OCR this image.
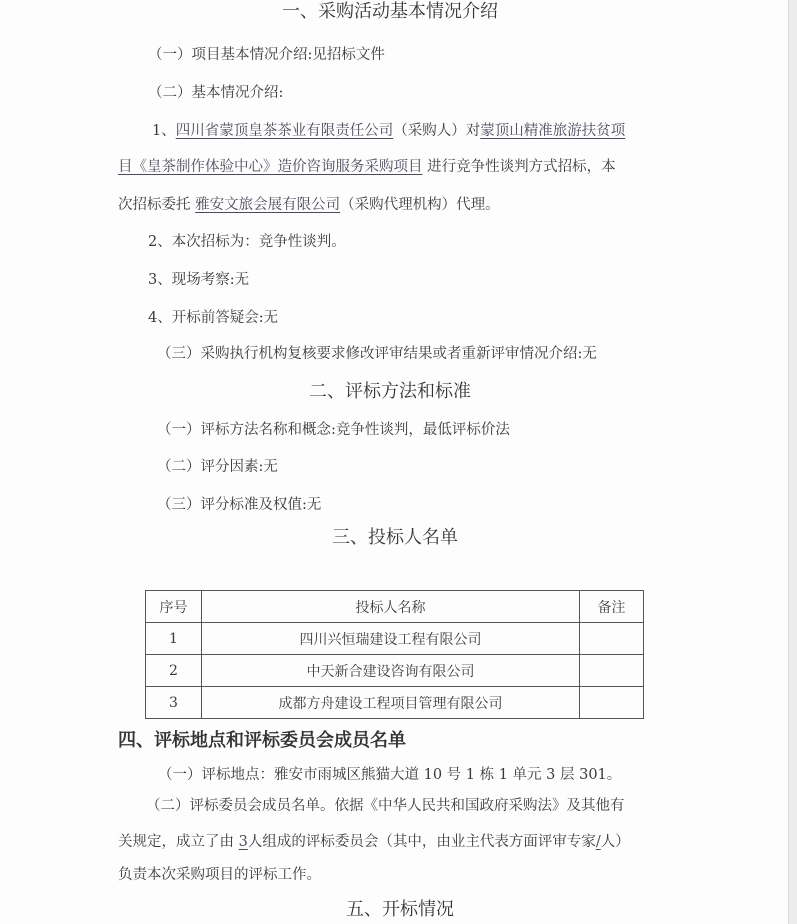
一、采购活动基本情况介绍
（一）项目基本情况介绍:见招标文件
（二）基本情况介绍:
1、四川省蒙顶皇茶茶业有限责任公司（采购人）对蒙顶山精准旅游扶贫项
目《皇茶制作体验中心》造价咨询服务采购项目 进行竞争性谈判方式招标，本
次招标委托 雅安文旅会展有限公司（采购代理机构）代理。
2、本次招标为：竞争性谈判。
3、现场考察:无
4、开标前答疑会:无
（三）采购执行机构复核要求修改评审结果或者重新评审情况介绍:无
二、评标方法和标准
（一）评标方法名称和概念:竞争性谈判，最低评标价法
（二）评分因素:无
（三）评分标准及权值:无
三、投标人名单
序号	投标人名称	备注
1	四川兴恒瑞建设工程有限公司	
2	中天新合建设咨询有限公司	
3	成都方舟建设工程项目管理有限公司	
四、评标地点和评标委员会成员名单
（一）评标地点：雅安市雨城区熊猫大道 10 号 1 栋 1 单元 3 层 301。
（二）评标委员会成员名单。依据《中华人民共和国政府采购法》及其他有
关规定，成立了由 3人组成的评标委员会（其中，由业主代表方面评审专家/人）
负责本次采购项目的评标工作。
五、开标情况
